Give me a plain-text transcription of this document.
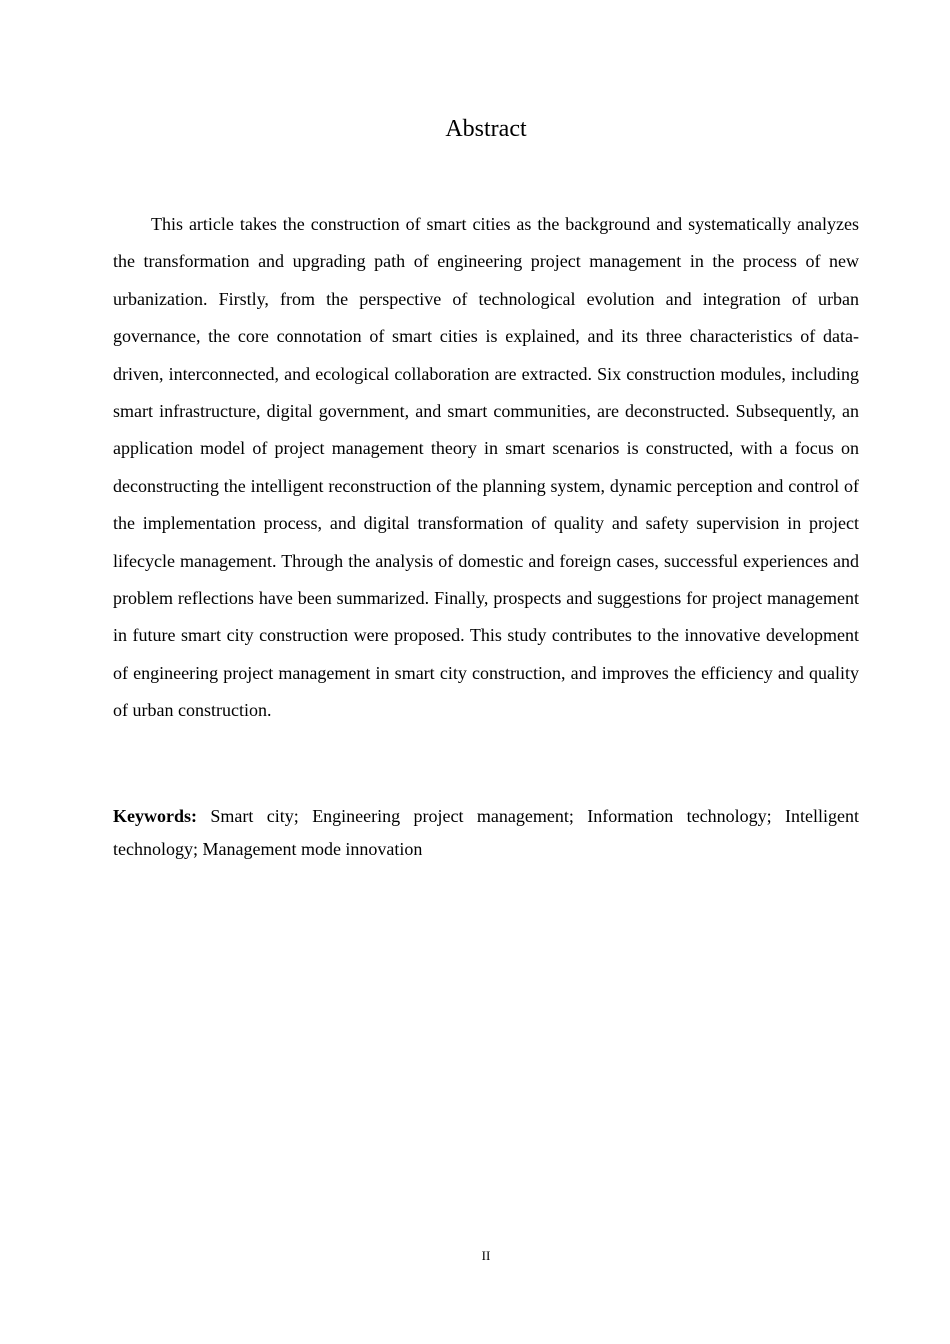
Abstract

This article takes the construction of smart cities as the background and systematically analyzes the transformation and upgrading path of engineering project management in the process of new urbanization. Firstly, from the perspective of technological evolution and integration of urban governance, the core connotation of smart cities is explained, and its three characteristics of data-driven, interconnected, and ecological collaboration are extracted. Six construction modules, including smart infrastructure, digital government, and smart communities, are deconstructed. Subsequently, an application model of project management theory in smart scenarios is constructed, with a focus on deconstructing the intelligent reconstruction of the planning system, dynamic perception and control of the implementation process, and digital transformation of quality and safety supervision in project lifecycle management. Through the analysis of domestic and foreign cases, successful experiences and problem reflections have been summarized. Finally, prospects and suggestions for project management in future smart city construction were proposed. This study contributes to the innovative development of engineering project management in smart city construction, and improves the efficiency and quality of urban construction.

Keywords: Smart city; Engineering project management; Information technology; Intelligent technology; Management mode innovation

II
